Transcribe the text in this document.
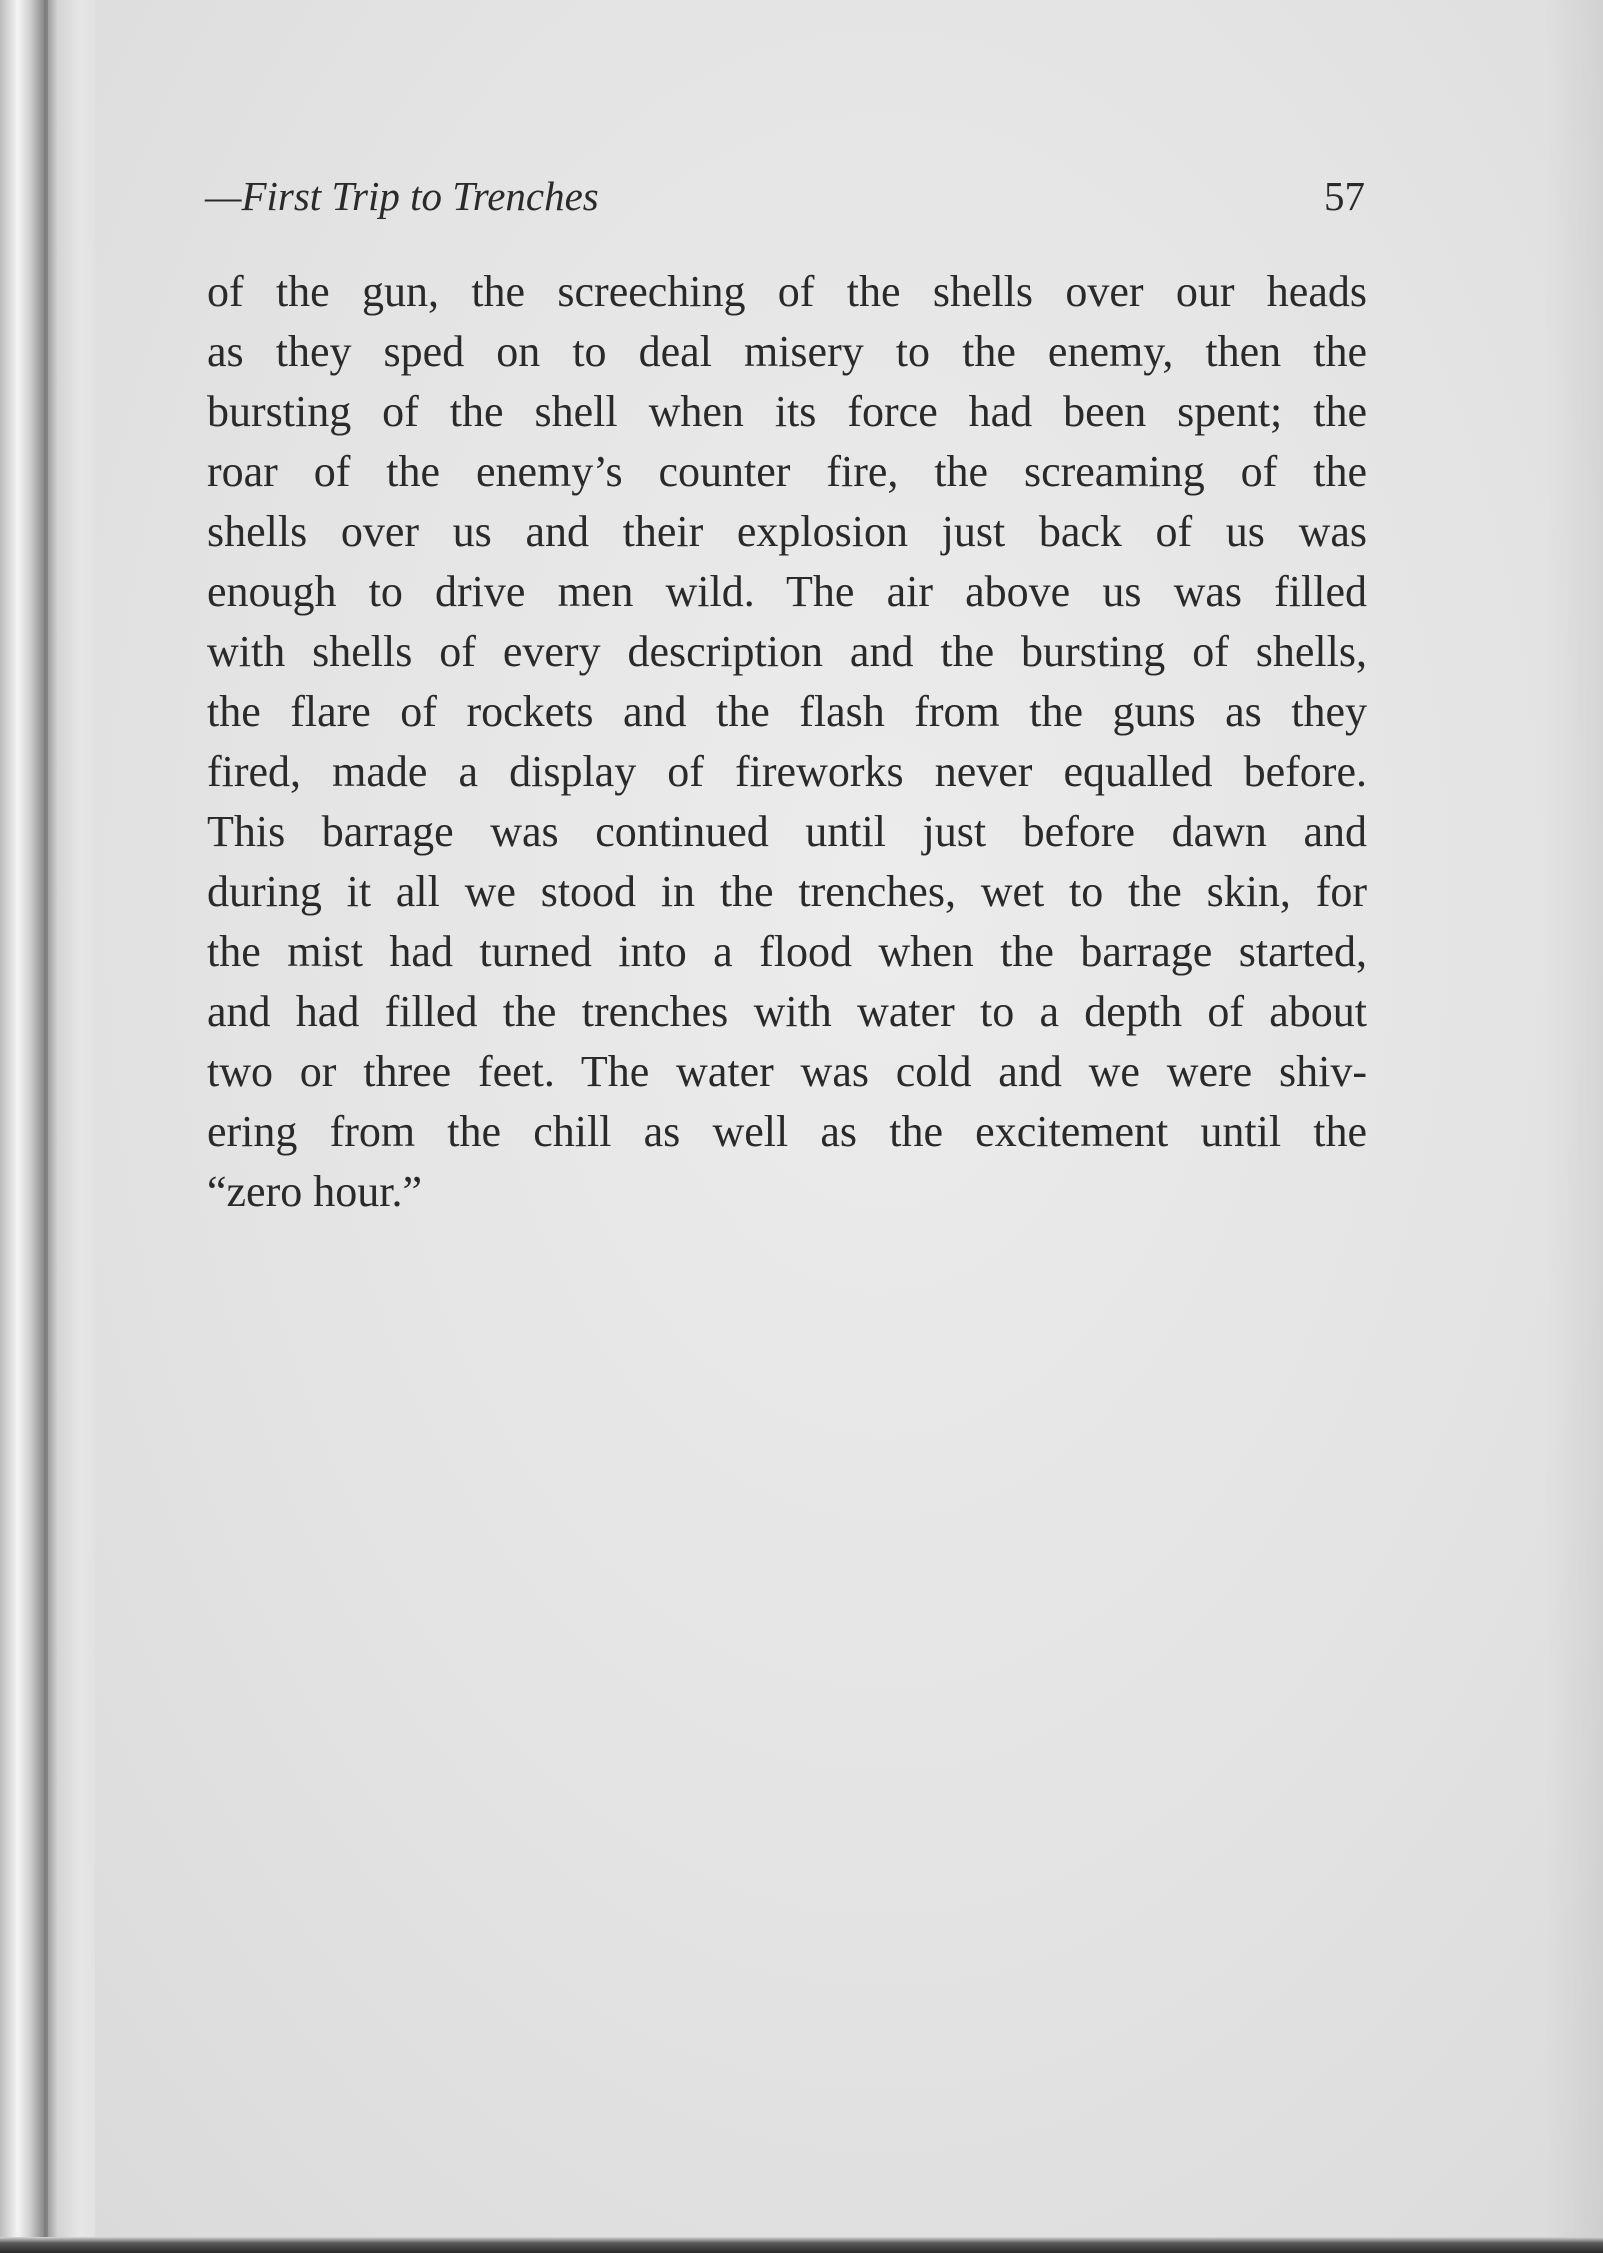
—First Trip to Trenches	57
of the gun, the screeching of the shells over our heads
as they sped on to deal misery to the enemy, then the
bursting of the shell when its force had been spent; the
roar of the enemy’s counter fire, the screaming of the
shells over us and their explosion just back of us was
enough to drive men wild. The air above us was filled
with shells of every description and the bursting of shells,
the flare of rockets and the flash from the guns as they
fired, made a display of fireworks never equalled before.
This barrage was continued until just before dawn and
during it all we stood in the trenches, wet to the skin, for
the mist had turned into a flood when the barrage started,
and had filled the trenches with water to a depth of about
two or three feet. The water was cold and we were shiv-
ering from the chill as well as the excitement until the
“zero hour.”
